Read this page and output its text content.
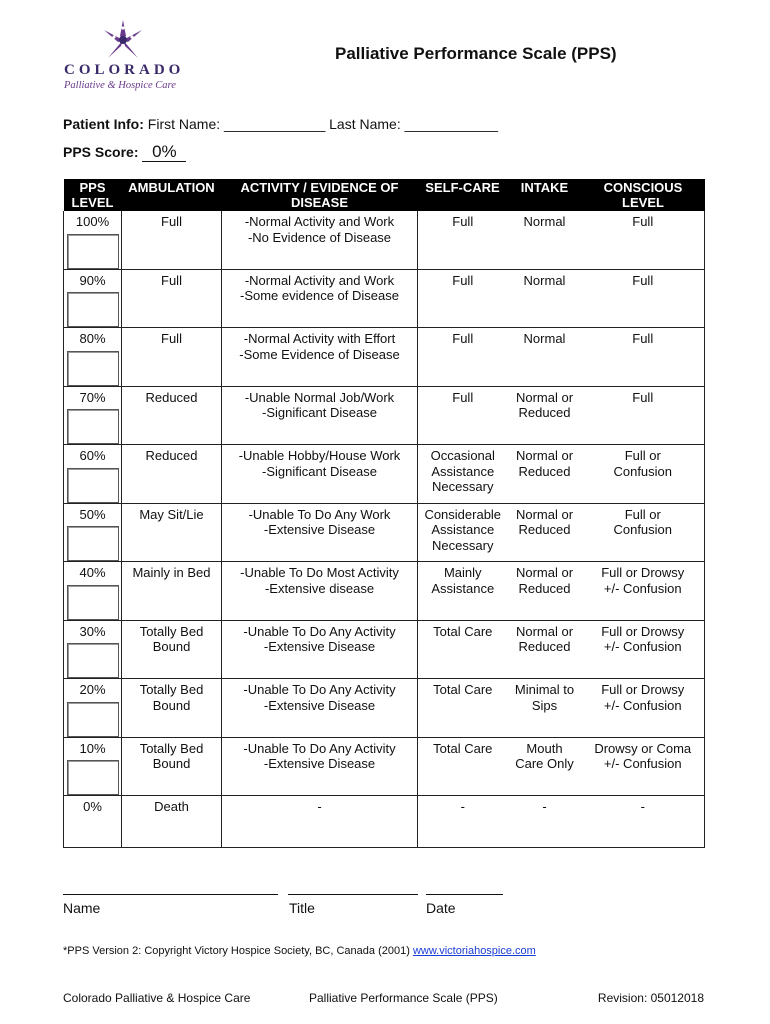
COLORADO
Palliative & Hospice Care
Palliative Performance Scale (PPS)
Patient Info: First Name: _____________ Last Name: ____________
PPS Score: 0%
PPS LEVEL	AMBULATION	ACTIVITY / EVIDENCE OF DISEASE	SELF-CARE	INTAKE	CONSCIOUS LEVEL
100%	Full	-Normal Activity and Work
-No Evidence of Disease	Full	Normal	Full
90%	Full	-Normal Activity and Work
-Some evidence of Disease	Full	Normal	Full
80%	Full	-Normal Activity with Effort
-Some Evidence of Disease	Full	Normal	Full
70%	Reduced	-Unable Normal Job/Work
-Significant Disease	Full	Normal or
Reduced	Full
60%	Reduced	-Unable Hobby/House Work
-Significant Disease	Occasional
Assistance
Necessary	Normal or
Reduced	Full or
Confusion
50%	May Sit/Lie	-Unable To Do Any Work
-Extensive Disease	Considerable
Assistance
Necessary	Normal or
Reduced	Full or
Confusion
40%	Mainly in Bed	-Unable To Do Most Activity
-Extensive disease	Mainly
Assistance	Normal or
Reduced	Full or Drowsy
+/- Confusion
30%	Totally Bed
Bound	-Unable To Do Any Activity
-Extensive Disease	Total Care	Normal or
Reduced	Full or Drowsy
+/- Confusion
20%	Totally Bed
Bound	-Unable To Do Any Activity
-Extensive Disease	Total Care	Minimal to
Sips	Full or Drowsy
+/- Confusion
10%	Totally Bed
Bound	-Unable To Do Any Activity
-Extensive Disease	Total Care	Mouth
Care Only	Drowsy or Coma
+/- Confusion
0%	Death	-	-	-	-
Name	Title	Date
*PPS Version 2: Copyright Victory Hospice Society, BC, Canada (2001) www.victoriahospice.com
Colorado Palliative & Hospice Care	Palliative Performance Scale (PPS)	Revision: 05012018
